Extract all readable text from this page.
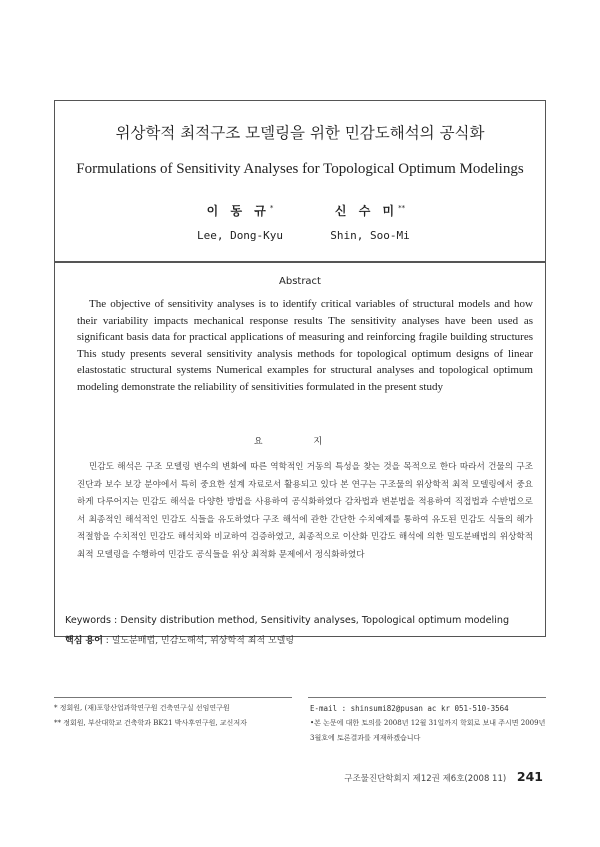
위상학적 최적구조 모델링을 위한 민감도해석의 공식화
Formulations of Sensitivity Analyses for Topological Optimum Modelings
이 동 규*
Lee, Dong-Kyu
신 수 미**
Shin, Soo-Mi
Abstract

The objective of sensitivity analyses is to identify critical variables of structural models and how their variability impacts mechanical response results The sensitivity analyses have been used as significant basis data for practical applications of measuring and reinforcing fragile building structures This study presents several sensitivity analysis methods for topological optimum designs of linear elastostatic structural systems Numerical examples for structural analyses and topological optimum modeling demonstrate the reliability of sensitivities formulated in the present study

요 지

민감도 해석은 구조 모델링 변수의 변화에 따른 역학적인 거동의 특성을 찾는 것을 목적으로 한다 따라서 건물의 구조 진단과 보수 보강 분야에서 특히 중요한 설계 자료로서 활용되고 있다 본 연구는 구조물의 위상학적 최적 모델링에서 중요하게 다루어지는 민감도 해석을 다양한 방법을 사용하여 공식화하였다 감차법과 변분법을 적용하여 직접법과 수반법으로서 최종적인 해석적인 민감도 식들을 유도하였다 구조 해석에 관한 간단한 수치예제를 통하여 유도된 민감도 식들의 해가 적절함을 수치적인 민감도 해석치와 비교하여 검증하였고, 최종적으로 이산화 민감도 해석에 의한 밀도분배법의 위상학적 최적 모델링을 수행하여 민감도 공식들을 위상 최적화 문제에서 정식화하였다

Keywords : Density distribution method, Sensitivity analyses, Topological optimum modeling
핵심 용어 : 밀도분배법, 민감도해석, 위상학적 최적 모델링
* 정회원, (재)포항산업과학연구원 건축연구실 선임연구원
** 정회원, 부산대학교 건축학과 BK21 박사후연구원, 교신저자
E-mail : shinsumi82@pusan ac kr 051-510-3564
•본 논문에 대한 토의를 2008년 12월 31일까지 학회로 보내 주시면 2009년 3월호에 토론결과를 게재하겠습니다
구조물진단학회지 제12권 제6호(2008 11) 241
